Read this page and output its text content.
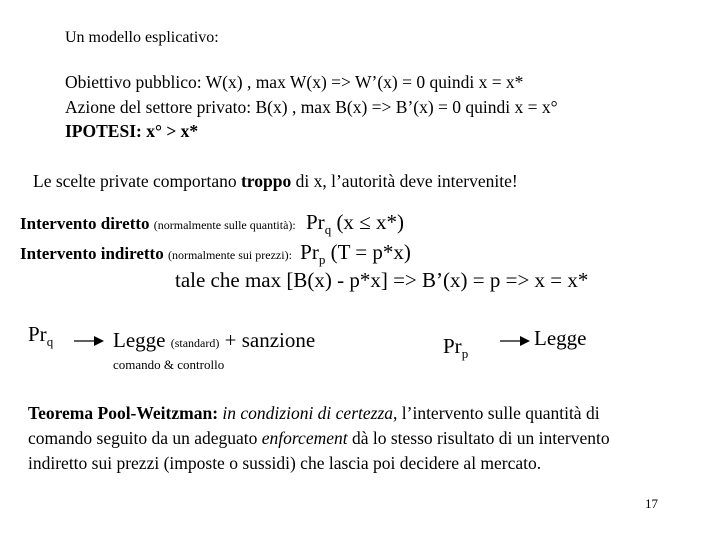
Un modello esplicativo:
Obiettivo pubblico: W(x) , max W(x) => W’(x) = 0 quindi x = x*
Azione del settore privato: B(x) , max B(x) => B’(x) = 0 quindi x = x°
IPOTESI: x° > x*
Le scelte private comportano troppo di x, l’autorità deve intervenite!
Intervento diretto (normalmente sulle quantità): $Pr_q$ (x ≤ x*)
Intervento indiretto (normalmente sui prezzi): $Pr_p$ (T = p*x)
tale che max [B(x) - p*x] => B’(x) = p => x = x*
$Pr_q$	Legge (standard) + sanzione
comando & controllo
$Pr_p$
Legge
Teorema Pool-Weitzman: in condizioni di certezza, l’intervento sulle quantità di
comando seguito da un adeguato enforcement dà lo stesso risultato di un intervento
indiretto sui prezzi (imposte o sussidi) che lascia poi decidere al mercato.
17
